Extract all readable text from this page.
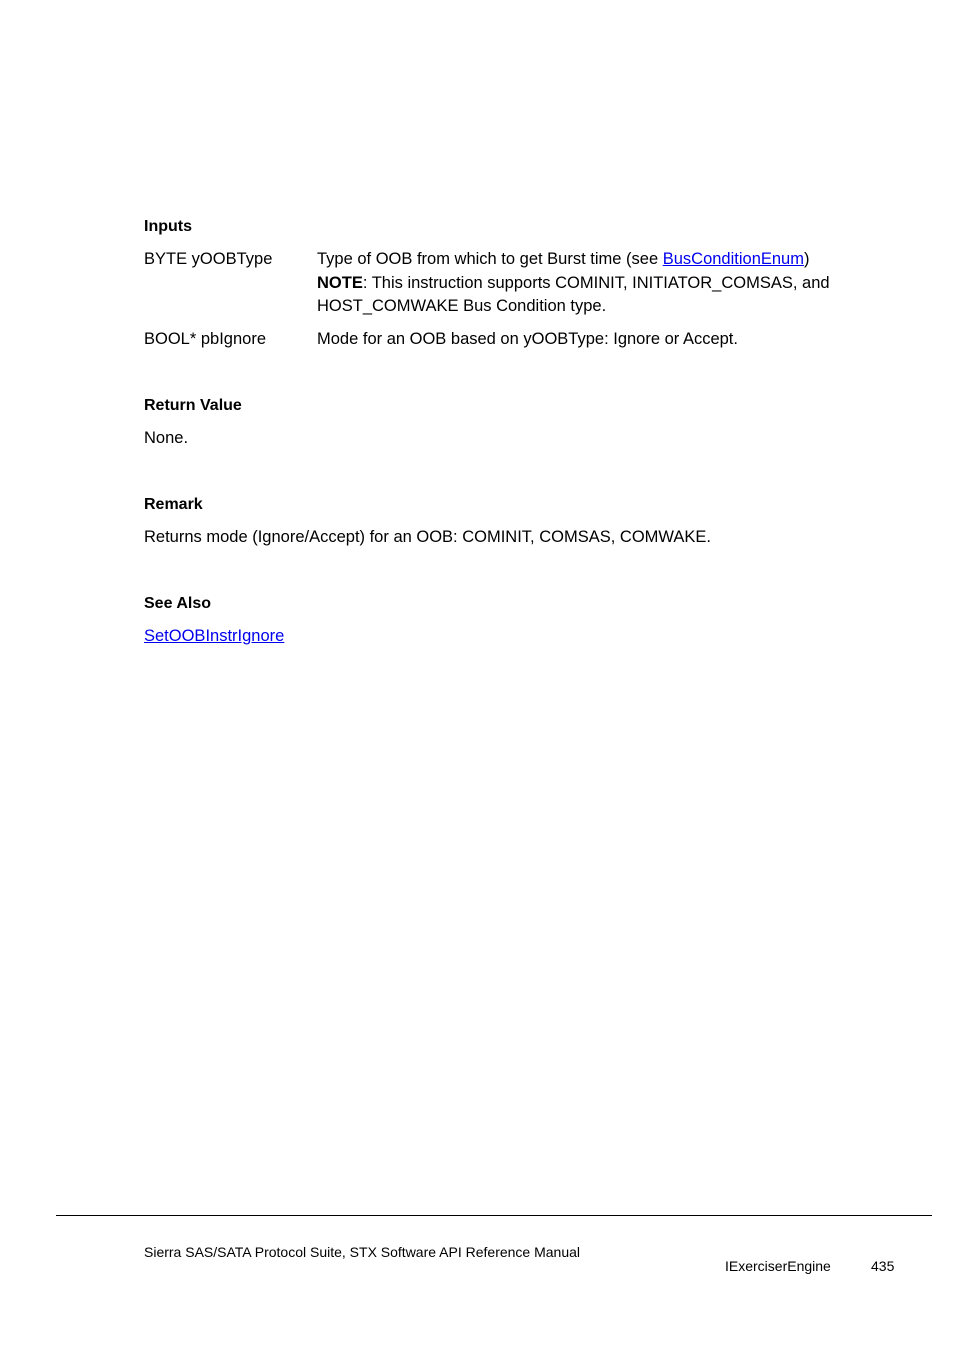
Inputs
BYTE yOOBType	Type of OOB from which to get Burst time (see BusConditionEnum)
NOTE: This instruction supports COMINIT, INITIATOR_COMSAS, and HOST_COMWAKE Bus Condition type.
BOOL* pbIgnore	Mode for an OOB based on yOOBType: Ignore or Accept.
Return Value

None.

Remark

Returns mode (Ignore/Accept) for an OOB: COMINIT, COMSAS, COMWAKE.

See Also

SetOOBInstrIgnore

Sierra SAS/SATA Protocol Suite, STX Software API Reference Manual
IExerciserEngine	435
